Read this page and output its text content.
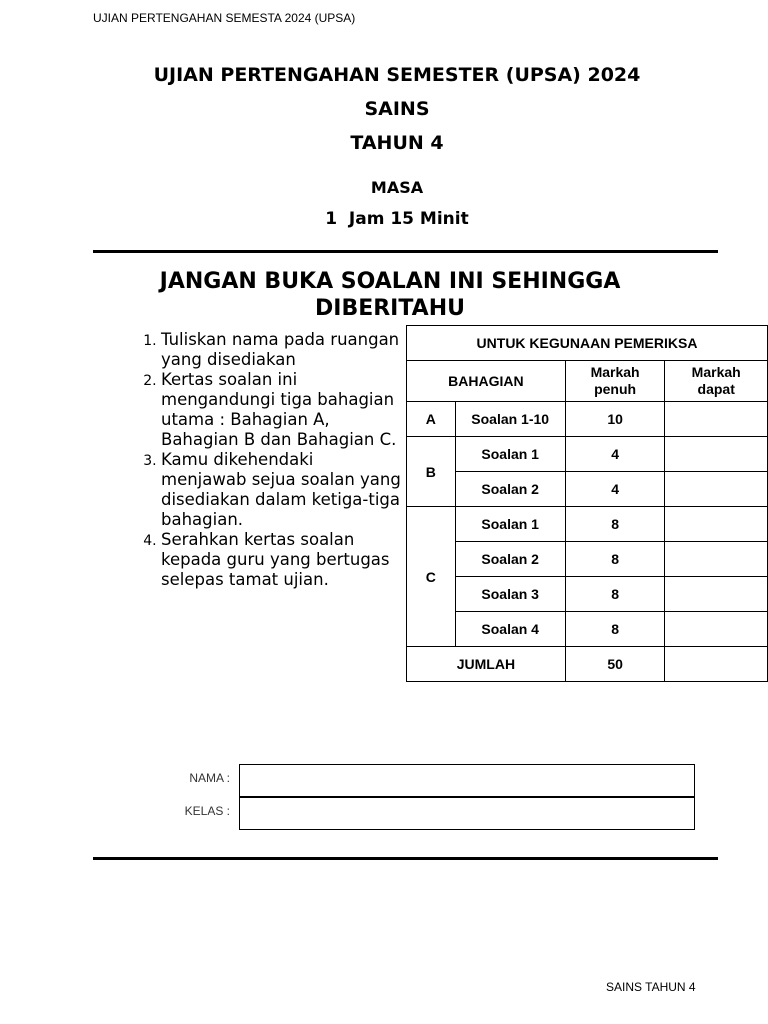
UJIAN PERTENGAHAN SEMESTA 2024 (UPSA)
UJIAN PERTENGAHAN SEMESTER (UPSA) 2024
SAINS
TAHUN 4
MASA
1  Jam 15 Minit
JANGAN BUKA SOALAN INI SEHINGGA DIBERITAHU
1. Tuliskan nama pada ruangan yang disediakan
2. Kertas soalan ini mengandungi tiga bahagian utama : Bahagian A, Bahagian B dan Bahagian C.
3. Kamu dikehendaki menjawab sejua soalan yang disediakan dalam ketiga-tiga bahagian.
4. Serahkan kertas soalan kepada guru yang bertugas selepas tamat ujian.
UNTUK KEGUNAAN PEMERIKSA			
BAHAGIAN		Markah penuh	Markah dapat
A	Soalan 1-10	10	
B	Soalan 1	4	
	Soalan 2	4	
C	Soalan 1	8	
	Soalan 2	8	
	Soalan 3	8	
	Soalan 4	8	
JUMLAH		50	
NAMA :
KELAS :
SAINS TAHUN 4
